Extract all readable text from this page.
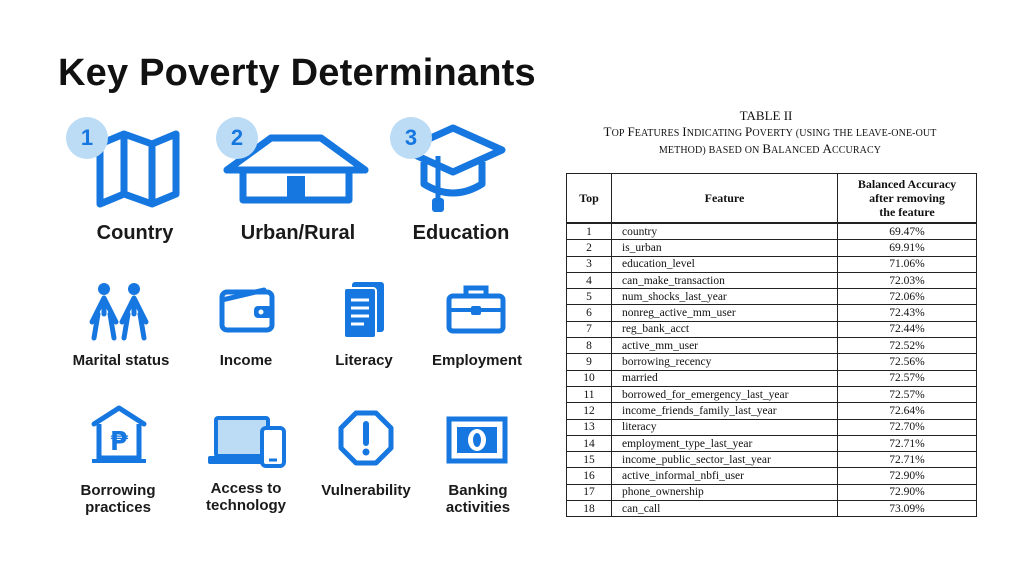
Key Poverty Determinants
1
Country
2
Urban/Rural
3
Education
Marital status	Income	Literacy	Employment
₱
Borrowing
practices
Access to
technology
Vulnerability	Banking
activities
TABLE II
TOP FEATURES INDICATING POVERTY (USING THE LEAVE-ONE-OUT
METHOD) BASED ON BALANCED ACCURACY
Top	Feature	Balanced Accuracy
after removing
the feature

1	country	69.47%
2	is_urban	69.91%
3	education_level	71.06%
4	can_make_transaction	72.03%
5	num_shocks_last_year	72.06%
6	nonreg_active_mm_user	72.43%
7	reg_bank_acct	72.44%
8	active_mm_user	72.52%
9	borrowing_recency	72.56%
10	married	72.57%
11	borrowed_for_emergency_last_year	72.57%
12	income_friends_family_last_year	72.64%
13	literacy	72.70%
14	employment_type_last_year	72.71%
15	income_public_sector_last_year	72.71%
16	active_informal_nbfi_user	72.90%
17	phone_ownership	72.90%
18	can_call	73.09%
